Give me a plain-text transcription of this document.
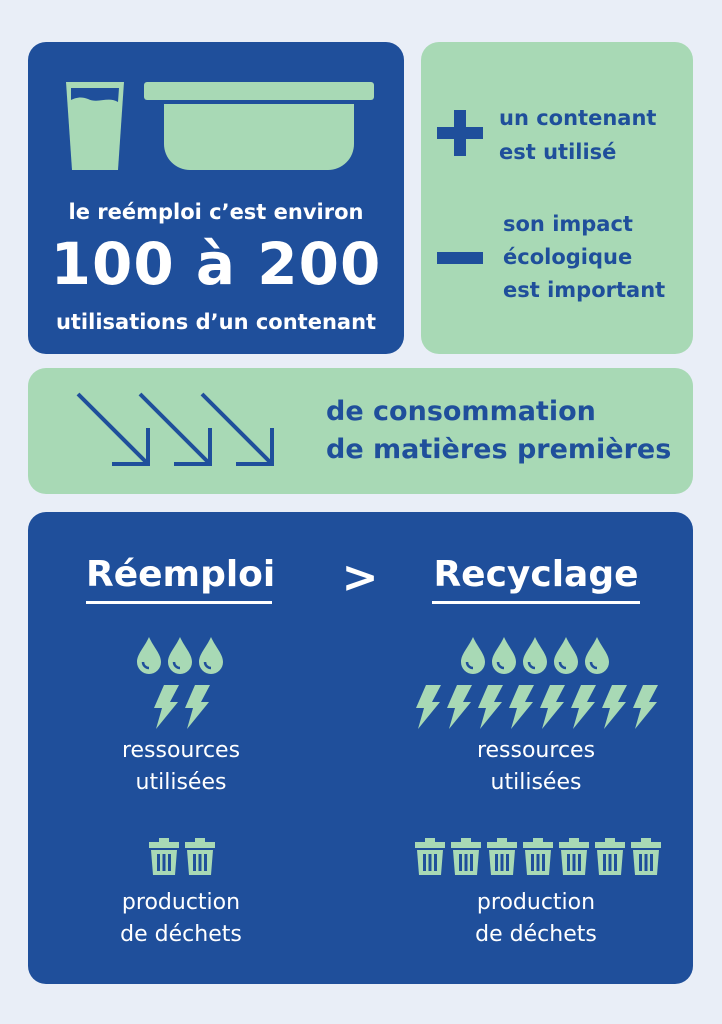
le reémploi c’est environ
100 à 200
utilisations d’un contenant
un contenant
est utilisé
son impact
écologique
est important
de consommation
de matières premières
Réemploi	>	Recyclage
ressources
utilisées
production
de déchets
ressources
utilisées
production
de déchets
